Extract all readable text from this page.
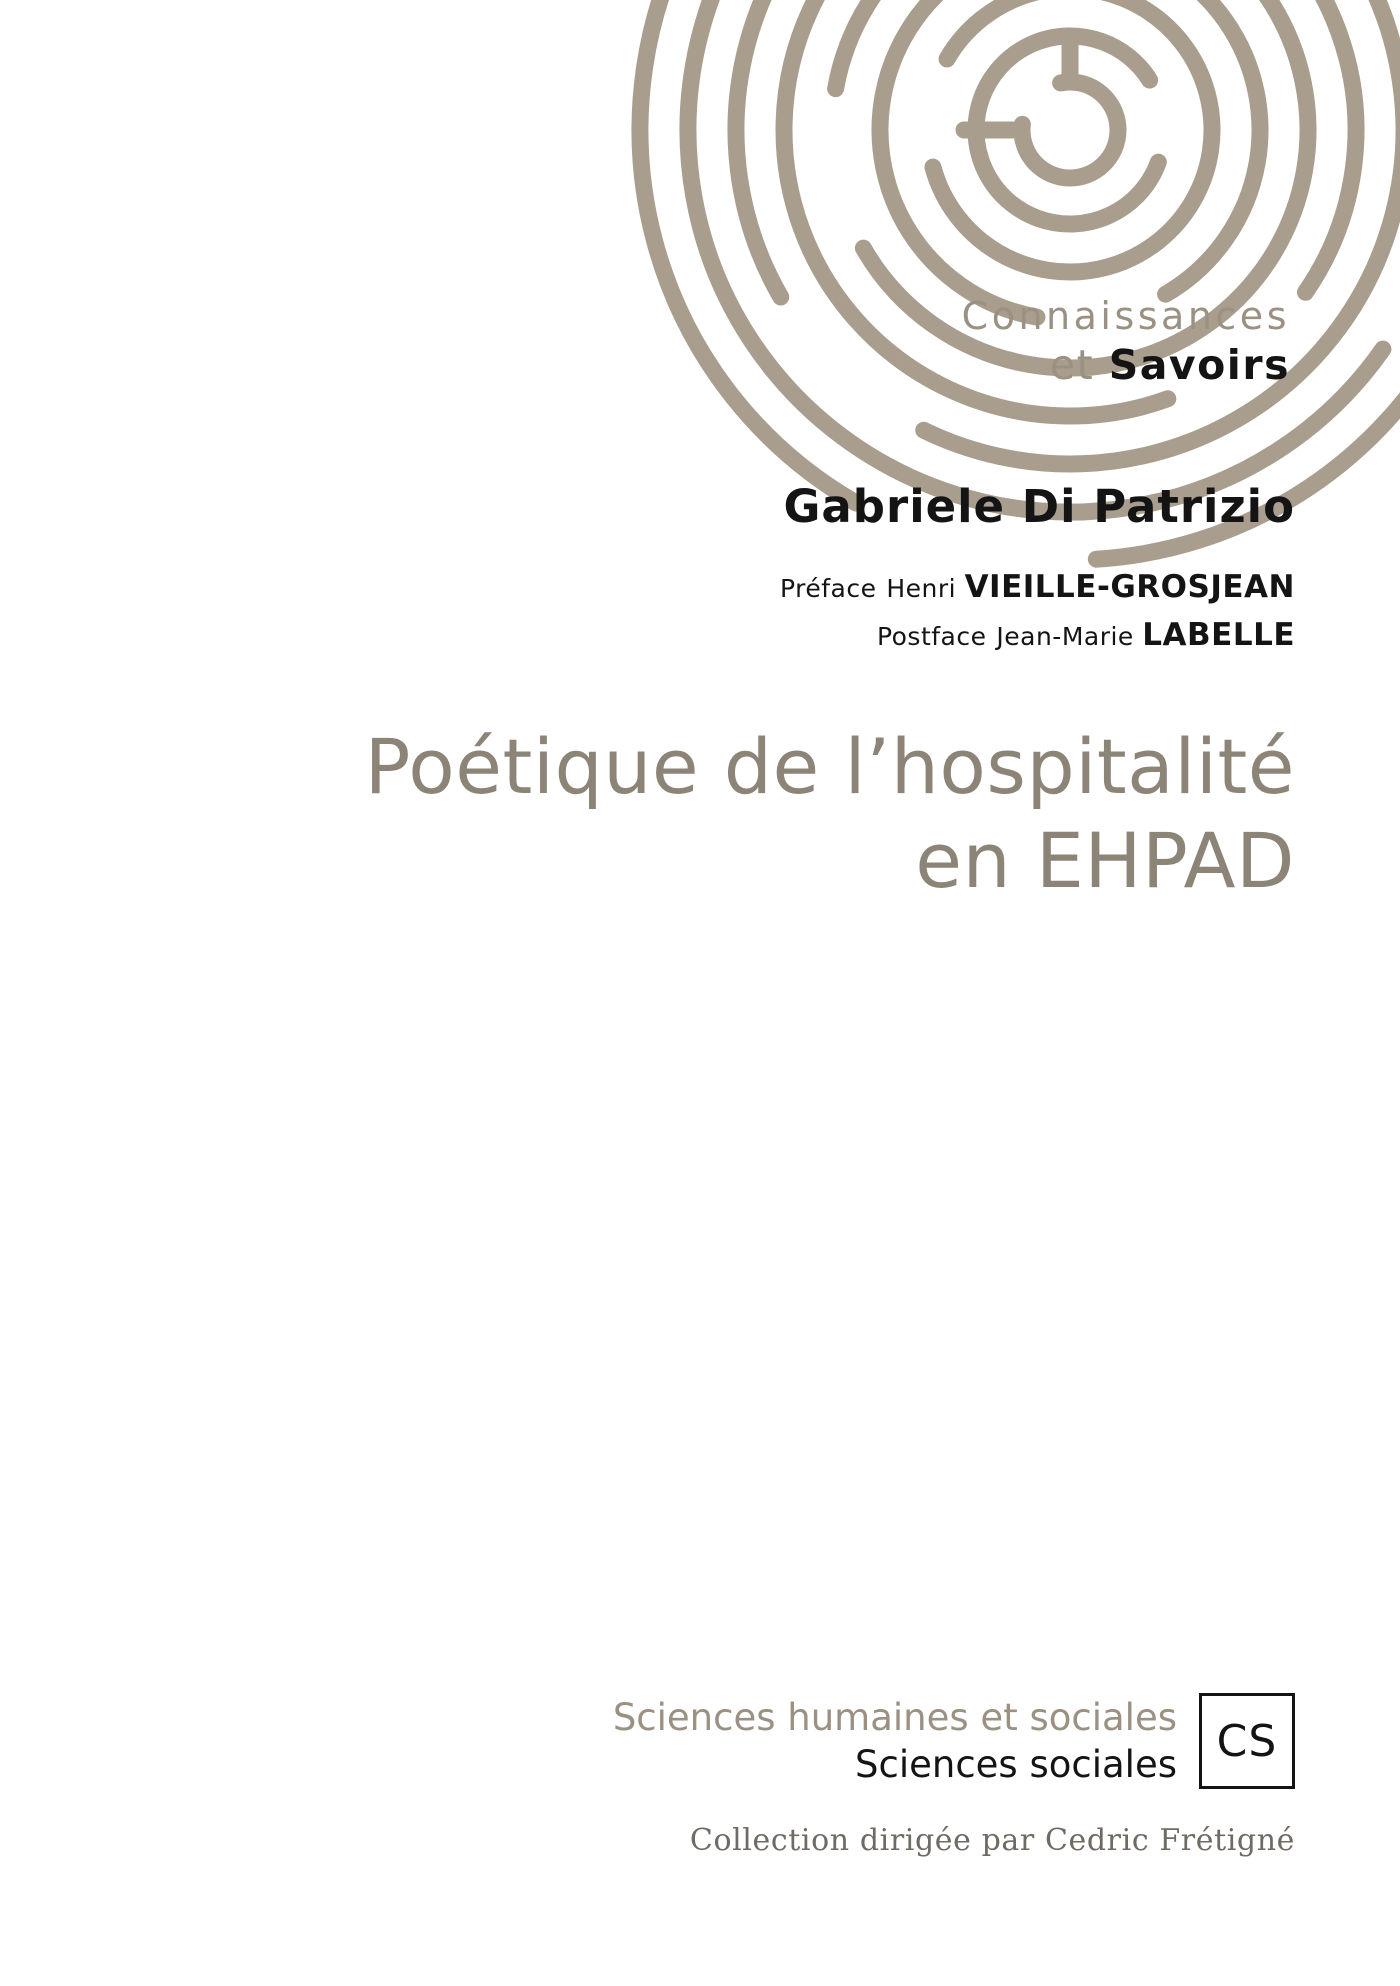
Connaissances
et Savoirs
Gabriele Di Patrizio
Préface Henri VIEILLE-GROSJEAN
Postface Jean-Marie LABELLE
Poétique de l’hospitalité
en EHPAD
Sciences humaines et sociales
Sciences sociales CS
Collection dirigée par Cedric Frétigné
